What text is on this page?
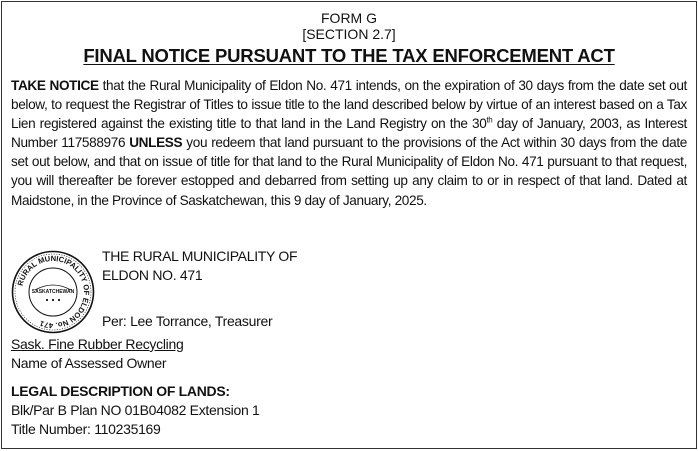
FORM G
[SECTION 2.7]
FINAL NOTICE PURSUANT TO THE TAX ENFORCEMENT ACT
TAKE NOTICE that the Rural Municipality of Eldon No. 471 intends, on the expiration of 30 days from the date set out below, to request the Registrar of Titles to issue title to the land described below by virtue of an interest based on a Tax Lien registered against the existing title to that land in the Land Registry on the 30th day of January, 2003, as Interest Number 117588976 UNLESS you redeem that land pursuant to the provisions of the Act within 30 days from the date set out below, and that on issue of title for that land to the Rural Municipality of Eldon No. 471 pursuant to that request, you will thereafter be forever estopped and debarred from setting up any claim to or in respect of that land. Dated at Maidstone, in the Province of Saskatchewan, this 9 day of January, 2025.
RURAL MUNICIPALITY OF ELDON No. 471
SASKATCHEWAN
THE RURAL MUNICIPALITY OF
ELDON NO. 471
Per: Lee Torrance, Treasurer
Sask. Fine Rubber Recycling
Name of Assessed Owner
LEGAL DESCRIPTION OF LANDS:
Blk/Par B Plan NO 01B04082 Extension 1
Title Number: 110235169
